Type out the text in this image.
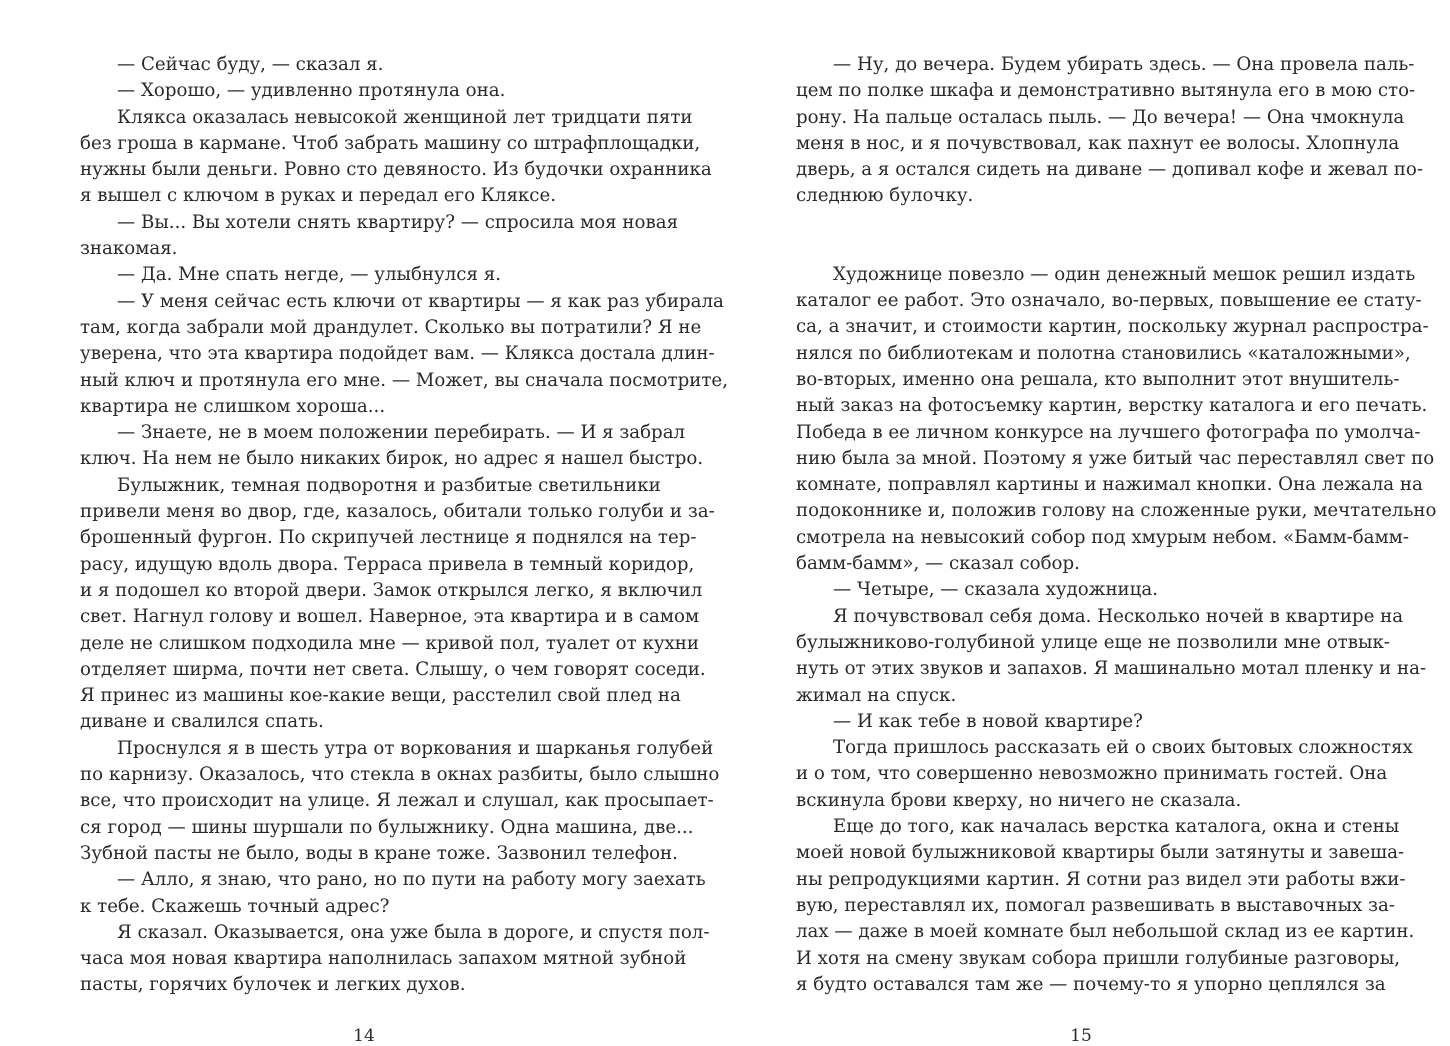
— Сейчас буду, — сказал я.
— Хорошо, — удивленно протянула она.
Клякса оказалась невысокой женщиной лет тридцати пяти
без гроша в кармане. Чтоб забрать машину со штрафплощадки,
нужны были деньги. Ровно сто девяносто. Из будочки охранника
я вышел с ключом в руках и передал его Кляксе.
— Вы... Вы хотели снять квартиру? — спросила моя новая
знакомая.
— Да. Мне спать негде, — улыбнулся я.
— У меня сейчас есть ключи от квартиры — я как раз убирала
там, когда забрали мой драндулет. Сколько вы потратили? Я не
уверена, что эта квартира подойдет вам. — Клякса достала длин-
ный ключ и протянула его мне. — Может, вы сначала посмотрите,
квартира не слишком хороша...
— Знаете, не в моем положении перебирать. — И я забрал
ключ. На нем не было никаких бирок, но адрес я нашел быстро.
Булыжник, темная подворотня и разбитые светильники
привели меня во двор, где, казалось, обитали только голуби и за-
брошенный фургон. По скрипучей лестнице я поднялся на тер-
расу, идущую вдоль двора. Терраса привела в темный коридор,
и я подошел ко второй двери. Замок открылся легко, я включил
свет. Нагнул голову и вошел. Наверное, эта квартира и в самом
деле не слишком подходила мне — кривой пол, туалет от кухни
отделяет ширма, почти нет света. Слышу, о чем говорят соседи.
Я принес из машины кое-какие вещи, расстелил свой плед на
диване и свалился спать.
Проснулся я в шесть утра от воркования и шарканья голубей
по карнизу. Оказалось, что стекла в окнах разбиты, было слышно
все, что происходит на улице. Я лежал и слушал, как просыпает-
ся город — шины шуршали по булыжнику. Одна машина, две...
Зубной пасты не было, воды в кране тоже. Зазвонил телефон.
— Алло, я знаю, что рано, но по пути на работу могу заехать
к тебе. Скажешь точный адрес?
Я сказал. Оказывается, она уже была в дороге, и спустя пол-
часа моя новая квартира наполнилась запахом мятной зубной
пасты, горячих булочек и легких духов.
14
— Ну, до вечера. Будем убирать здесь. — Она провела паль-
цем по полке шкафа и демонстративно вытянула его в мою сто-
рону. На пальце осталась пыль. — До вечера! — Она чмокнула
меня в нос, и я почувствовал, как пахнут ее волосы. Хлопнула
дверь, а я остался сидеть на диване — допивал кофе и жевал по-
следнюю булочку.
Художнице повезло — один денежный мешок решил издать
каталог ее работ. Это означало, во-первых, повышение ее стату-
са, а значит, и стоимости картин, поскольку журнал распростра-
нялся по библиотекам и полотна становились «каталожными»,
во-вторых, именно она решала, кто выполнит этот внушитель-
ный заказ на фотосъемку картин, верстку каталога и его печать.
Победа в ее личном конкурсе на лучшего фотографа по умолча-
нию была за мной. Поэтому я уже битый час переставлял свет по
комнате, поправлял картины и нажимал кнопки. Она лежала на
подоконнике и, положив голову на сложенные руки, мечтательно
смотрела на невысокий собор под хмурым небом. «Бамм-бамм-
бамм-бамм», — сказал собор.
— Четыре, — сказала художница.
Я почувствовал себя дома. Несколько ночей в квартире на
булыжниково-голубиной улице еще не позволили мне отвык-
нуть от этих звуков и запахов. Я машинально мотал пленку и на-
жимал на спуск.
— И как тебе в новой квартире?
Тогда пришлось рассказать ей о своих бытовых сложностях
и о том, что совершенно невозможно принимать гостей. Она
вскинула брови кверху, но ничего не сказала.
Еще до того, как началась верстка каталога, окна и стены
моей новой булыжниковой квартиры были затянуты и завеша-
ны репродукциями картин. Я сотни раз видел эти работы вжи-
вую, переставлял их, помогал развешивать в выставочных за-
лах — даже в моей комнате был небольшой склад из ее картин.
И хотя на смену звукам собора пришли голубиные разговоры,
я будто оставался там же — почему-то я упорно цеплялся за
15
